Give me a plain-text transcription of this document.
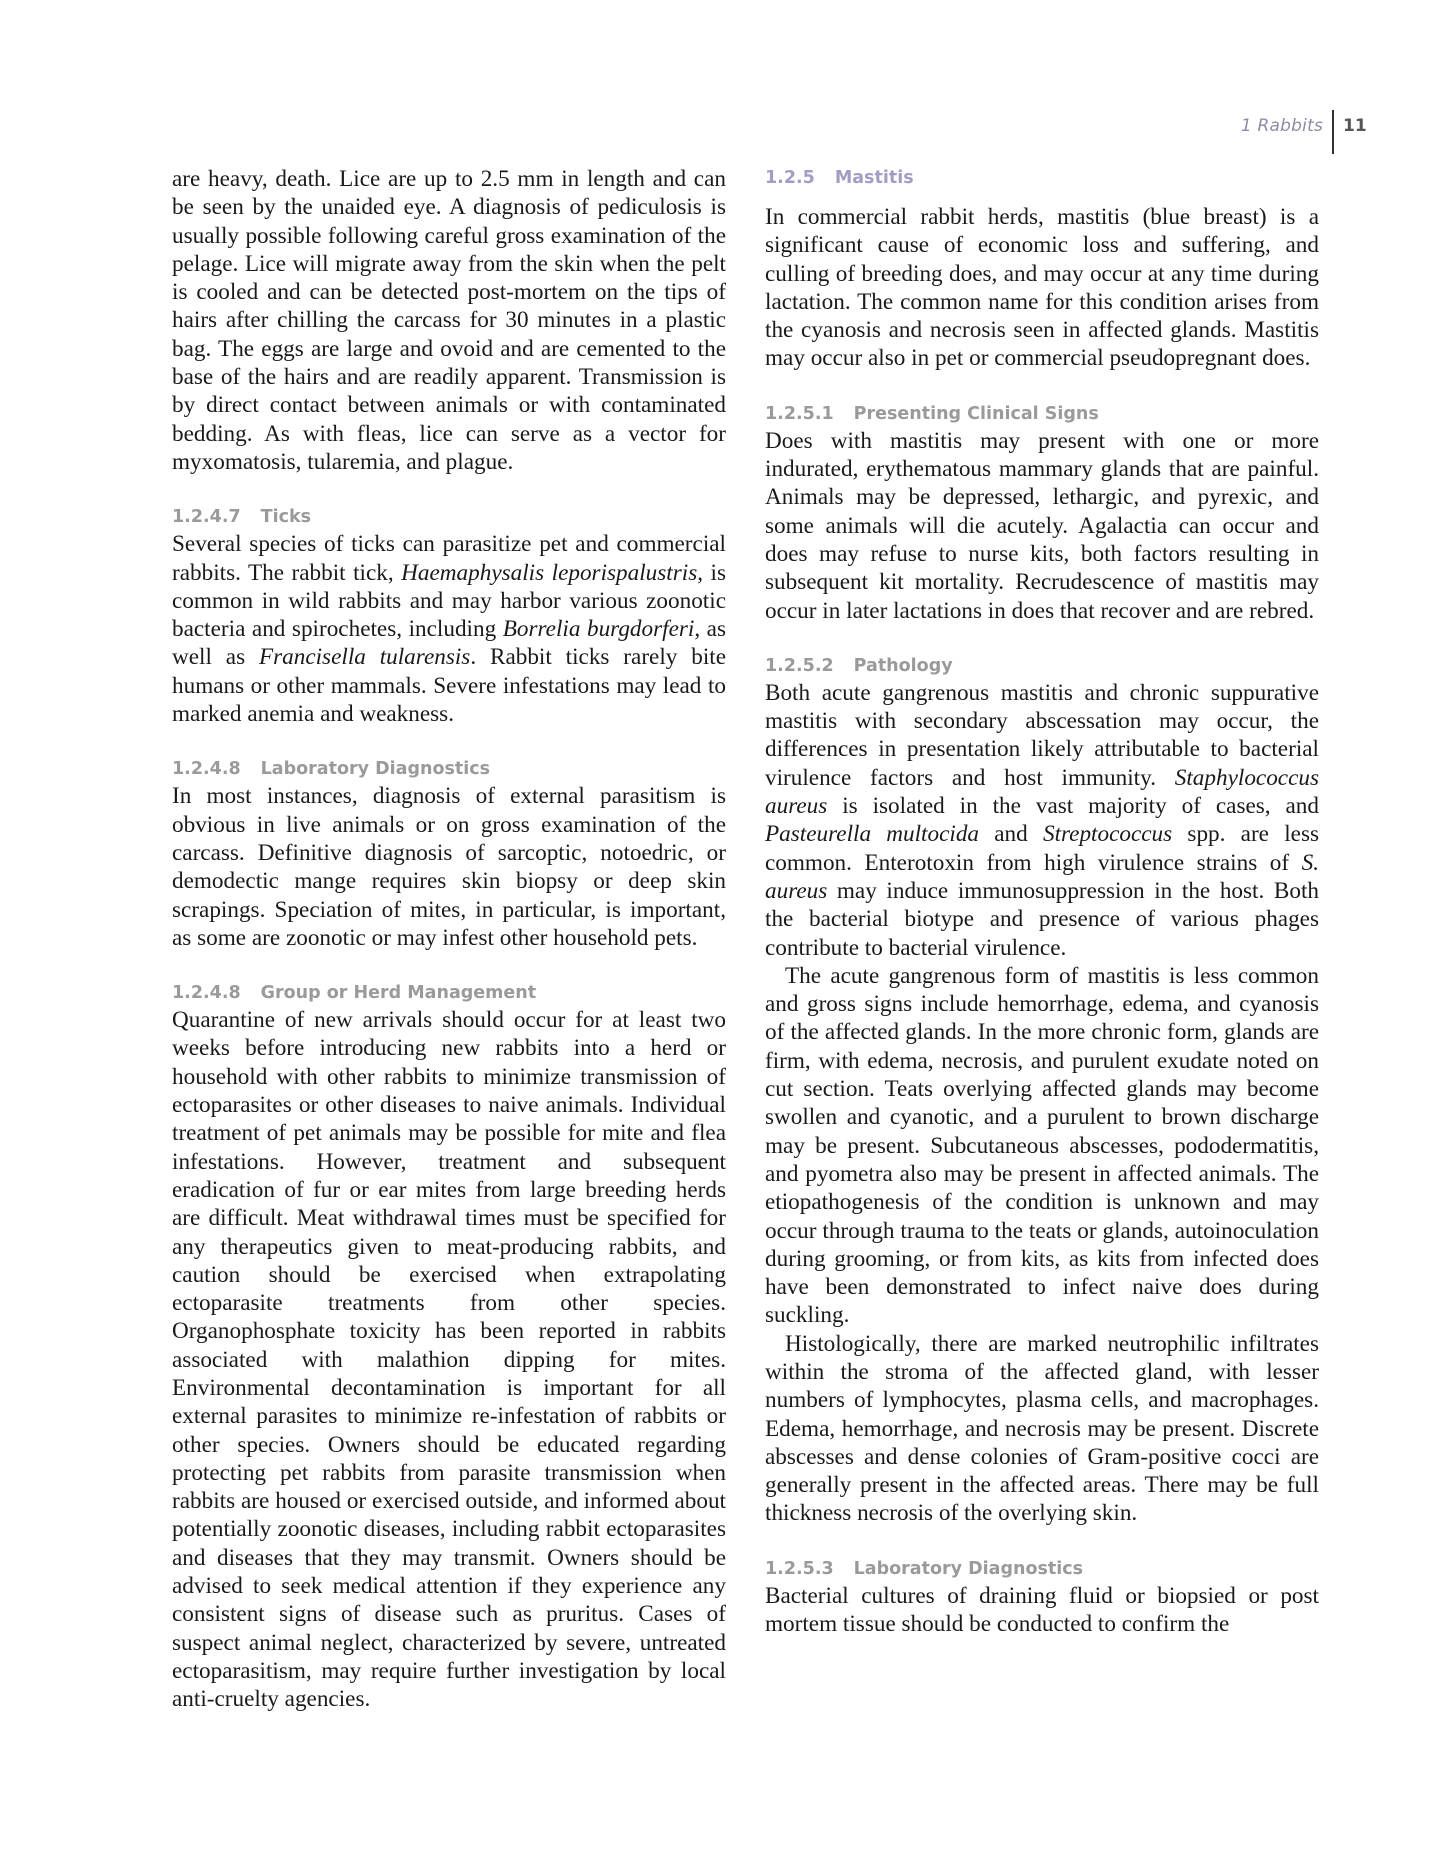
1 Rabbits 11

are heavy, death. Lice are up to 2.5 mm in length and can be seen by the unaided eye. A diagnosis of pediculosis is usually possible following careful gross examination of the pelage. Lice will migrate away from the skin when the pelt is cooled and can be detected post-mortem on the tips of hairs after chilling the carcass for 30 minutes in a plastic bag. The eggs are large and ovoid and are cemented to the base of the hairs and are readily apparent. Transmission is by direct contact between animals or with contaminated bedding. As with fleas, lice can serve as a vector for myxomatosis, tularemia, and plague.

1.2.4.7 Ticks

Several species of ticks can parasitize pet and commercial rabbits. The rabbit tick, Haemaphysalis leporispalustris, is common in wild rabbits and may harbor various zoonotic bacteria and spirochetes, including Borrelia burgdorferi, as well as Francisella tularensis. Rabbit ticks rarely bite humans or other mammals. Severe infestations may lead to marked anemia and weakness.

1.2.4.8 Laboratory Diagnostics

In most instances, diagnosis of external parasitism is obvious in live animals or on gross examination of the carcass. Definitive diagnosis of sarcoptic, notoedric, or demodectic mange requires skin biopsy or deep skin scrapings. Speciation of mites, in particular, is important, as some are zoonotic or may infest other household pets.

1.2.4.8 Group or Herd Management

Quarantine of new arrivals should occur for at least two weeks before introducing new rabbits into a herd or household with other rabbits to minimize transmission of ectoparasites or other diseases to naive animals. Individual treatment of pet animals may be possible for mite and flea infestations. However, treatment and subsequent eradication of fur or ear mites from large breeding herds are difficult. Meat withdrawal times must be specified for any therapeutics given to meat-producing rabbits, and caution should be exercised when extrapolating ectoparasite treatments from other species. Organophosphate toxicity has been reported in rabbits associated with malathion dipping for mites. Environmental decontamination is important for all external parasites to minimize re-infestation of rabbits or other species. Owners should be educated regarding protecting pet rabbits from parasite transmission when rabbits are housed or exercised outside, and informed about potentially zoonotic diseases, including rabbit ectoparasites and diseases that they may transmit. Owners should be advised to seek medical attention if they experience any consistent signs of disease such as pruritus. Cases of suspect animal neglect, characterized by severe, untreated ectoparasitism, may require further investigation by local anti-cruelty agencies.

1.2.5 Mastitis

In commercial rabbit herds, mastitis (blue breast) is a significant cause of economic loss and suffering, and culling of breeding does, and may occur at any time during lactation. The common name for this condition arises from the cyanosis and necrosis seen in affected glands. Mastitis may occur also in pet or commercial pseudopregnant does.

1.2.5.1 Presenting Clinical Signs

Does with mastitis may present with one or more indurated, erythematous mammary glands that are painful. Animals may be depressed, lethargic, and pyrexic, and some animals will die acutely. Agalactia can occur and does may refuse to nurse kits, both factors resulting in subsequent kit mortality. Recrudescence of mastitis may occur in later lactations in does that recover and are rebred.

1.2.5.2 Pathology

Both acute gangrenous mastitis and chronic suppurative mastitis with secondary abscessation may occur, the differences in presentation likely attributable to bacterial virulence factors and host immunity. Staphylococcus aureus is isolated in the vast majority of cases, and Pasteurella multocida and Streptococcus spp. are less common. Enterotoxin from high virulence strains of S. aureus may induce immunosuppression in the host. Both the bacterial biotype and presence of various phages contribute to bacterial virulence.

The acute gangrenous form of mastitis is less common and gross signs include hemorrhage, edema, and cyanosis of the affected glands. In the more chronic form, glands are firm, with edema, necrosis, and purulent exudate noted on cut section. Teats overlying affected glands may become swollen and cyanotic, and a purulent to brown discharge may be present. Subcutaneous abscesses, pododermatitis, and pyometra also may be present in affected animals. The etiopathogenesis of the condition is unknown and may occur through trauma to the teats or glands, autoinoculation during grooming, or from kits, as kits from infected does have been demonstrated to infect naive does during suckling.

Histologically, there are marked neutrophilic infiltrates within the stroma of the affected gland, with lesser numbers of lymphocytes, plasma cells, and macrophages. Edema, hemorrhage, and necrosis may be present. Discrete abscesses and dense colonies of Gram-positive cocci are generally present in the affected areas. There may be full thickness necrosis of the overlying skin.

1.2.5.3 Laboratory Diagnostics

Bacterial cultures of draining fluid or biopsied or post mortem tissue should be conducted to confirm the
